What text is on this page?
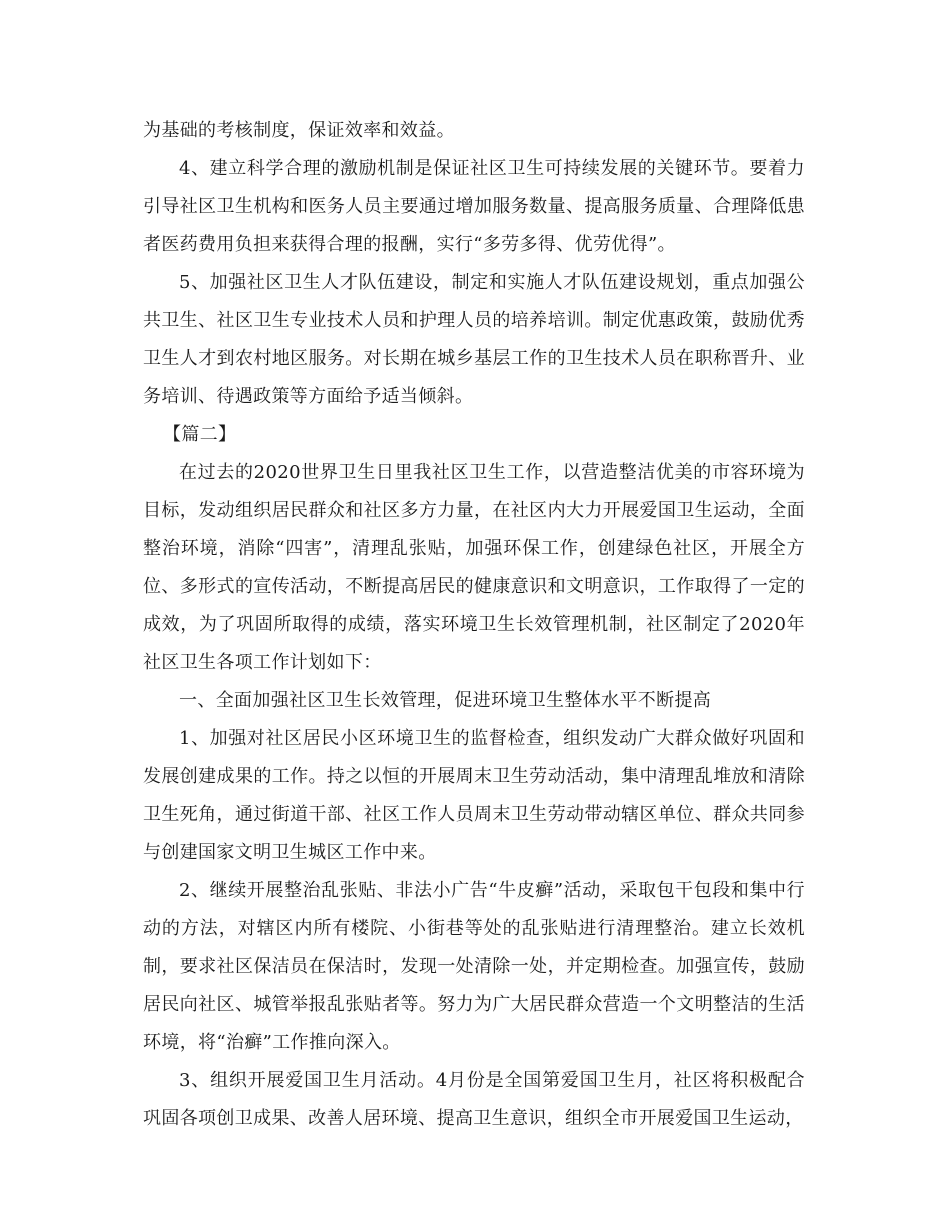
为基础的考核制度，保证效率和效益。

4、建立科学合理的激励机制是保证社区卫生可持续发展的关键环节。要着力引导社区卫生机构和医务人员主要通过增加服务数量、提高服务质量、合理降低患者医药费用负担来获得合理的报酬，实行“多劳多得、优劳优得”。

5、加强社区卫生人才队伍建设，制定和实施人才队伍建设规划，重点加强公共卫生、社区卫生专业技术人员和护理人员的培养培训。制定优惠政策，鼓励优秀卫生人才到农村地区服务。对长期在城乡基层工作的卫生技术人员在职称晋升、业务培训、待遇政策等方面给予适当倾斜。

【篇二】

在过去的2020世界卫生日里我社区卫生工作，以营造整洁优美的市容环境为目标，发动组织居民群众和社区多方力量，在社区内大力开展爱国卫生运动，全面整治环境，消除“四害”，清理乱张贴，加强环保工作，创建绿色社区，开展全方位、多形式的宣传活动，不断提高居民的健康意识和文明意识，工作取得了一定的成效，为了巩固所取得的成绩，落实环境卫生长效管理机制，社区制定了2020年社区卫生各项工作计划如下：

一、全面加强社区卫生长效管理，促进环境卫生整体水平不断提高

1、加强对社区居民小区环境卫生的监督检查，组织发动广大群众做好巩固和发展创建成果的工作。持之以恒的开展周末卫生劳动活动，集中清理乱堆放和清除卫生死角，通过街道干部、社区工作人员周末卫生劳动带动辖区单位、群众共同参与创建国家文明卫生城区工作中来。

2、继续开展整治乱张贴、非法小广告“牛皮癣”活动，采取包干包段和集中行动的方法，对辖区内所有楼院、小街巷等处的乱张贴进行清理整治。建立长效机制，要求社区保洁员在保洁时，发现一处清除一处，并定期检查。加强宣传，鼓励居民向社区、城管举报乱张贴者等。努力为广大居民群众营造一个文明整洁的生活环境，将“治癣”工作推向深入。

3、组织开展爱国卫生月活动。4月份是全国第爱国卫生月，社区将积极配合巩固各项创卫成果、改善人居环境、提高卫生意识，组织全市开展爱国卫生运动，
